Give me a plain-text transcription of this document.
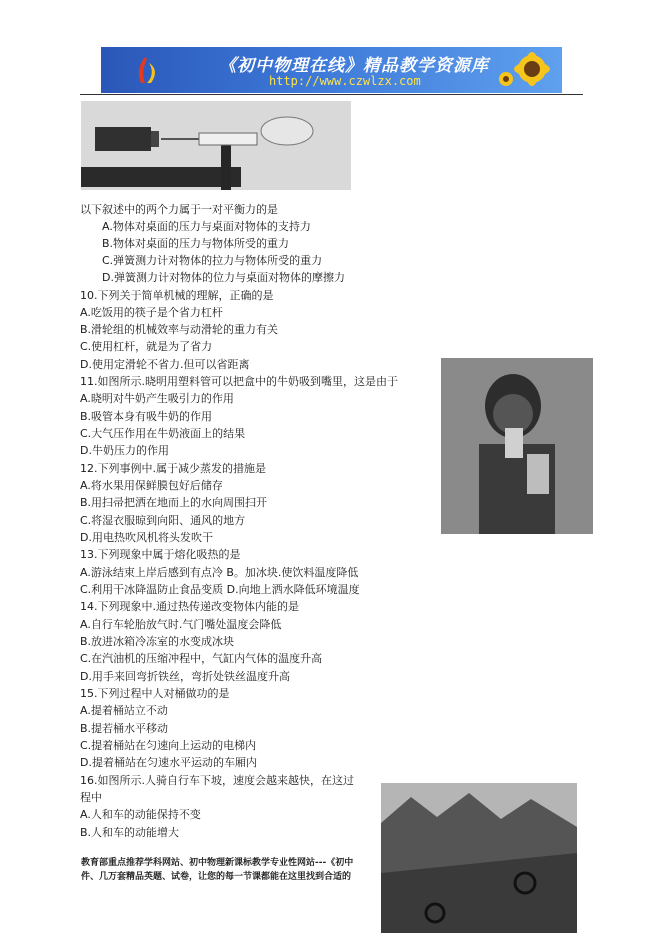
《初中物理在线》精品教学资源库
http://www.czwlzx.com
以下叙述中的两个力属于一对平衡力的是
A.物体对桌面的压力与桌面对物体的支持力
B.物体对桌面的压力与物体所受的重力
C.弹簧测力计对物体的拉力与物体所受的重力
D.弹簧测力计对物体的位力与桌面对物体的摩擦力
10.下列关于简单机械的理解，正确的是
A.吃饭用的筷子是个省力杠杆
B.滑轮组的机械效率与动滑轮的重力有关
C.使用杠杆，就是为了省力
D.使用定滑轮不省力.但可以省距离
11.如图所示.晓明用塑料管可以把盒中的牛奶吸到嘴里，这是由于
A.晓明对牛奶产生吸引力的作用
B.吸管本身有吸牛奶的作用
C.大气压作用在牛奶液面上的结果
D.牛奶压力的作用
12.下列事例中.属于减少蒸发的措施是
A.将水果用保鲜膜包好后储存
B.用扫帚把洒在地而上的水向周围扫开
C.将湿衣服晾到向阳、通风的地方
D.用电热吹风机将头发吹干
13.下列现象中属于熔化吸热的是
A.游泳结束上岸后感到有点冷 B。加冰块.使饮料温度降低
C.利用干冰降温防止食品变质 D.向地上洒水降低环境温度
14.下列现象中.通过热传递改变物体内能的是
A.自行车轮胎放气时.气门嘴处温度会降低
B.放进冰箱冷冻室的水变成冰块
C.在汽油机的压缩冲程中，气缸内气体的温度升高
D.用手来回弯折铁丝，弯折处铁丝温度升高
15.下列过程中人对桶做功的是
A.提着桶站立不动
B.提若桶水平移动
C.提着桶站在匀速向上运动的电梯内
D.提着桶站在匀速水平运动的车厢内
16.如图所示.人骑自行车下坡，速度会越来越快，在这过
程中
A.人和车的动能保持不变
B.人和车的动能增大
教育部重点推荐学科网站、初中物理新课标教学专业性网站---《初中
件、几万套精品英题、试卷，让您的每一节课都能在这里找到合适的
